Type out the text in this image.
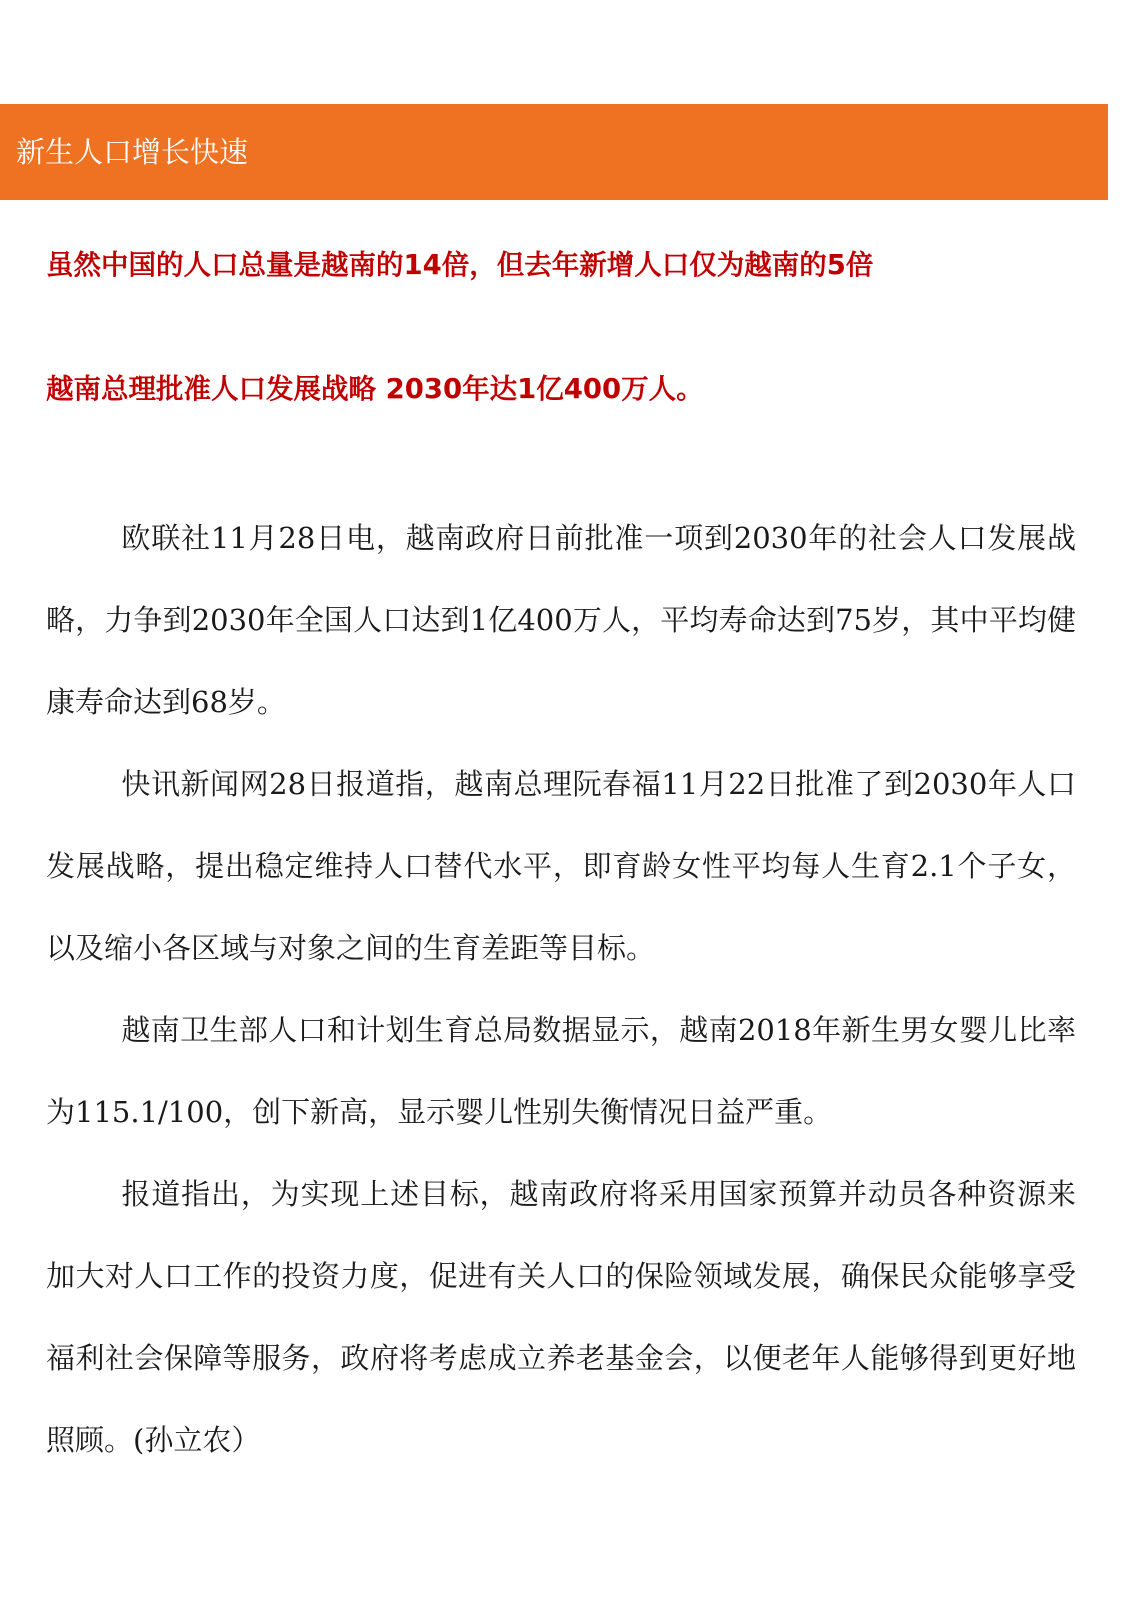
新生人口增长快速
虽然中国的人口总量是越南的14倍，但去年新增人口仅为越南的5倍
越南总理批准人口发展战略 2030年达1亿400万人。

欧联社11月28日电，越南政府日前批准一项到2030年的社会人口发展战略，力争到2030年全国人口达到1亿400万人，平均寿命达到75岁，其中平均健康寿命达到68岁。

快讯新闻网28日报道指，越南总理阮春福11月22日批准了到2030年人口发展战略，提出稳定维持人口替代水平，即育龄女性平均每人生育2.1个子女，以及缩小各区域与对象之间的生育差距等目标。

越南卫生部人口和计划生育总局数据显示，越南2018年新生男女婴儿比率为115.1/100，创下新高，显示婴儿性别失衡情况日益严重。

报道指出，为实现上述目标，越南政府将采用国家预算并动员各种资源来加大对人口工作的投资力度，促进有关人口的保险领域发展，确保民众能够享受福利社会保障等服务，政府将考虑成立养老基金会，以便老年人能够得到更好地照顾。(孙立农）
